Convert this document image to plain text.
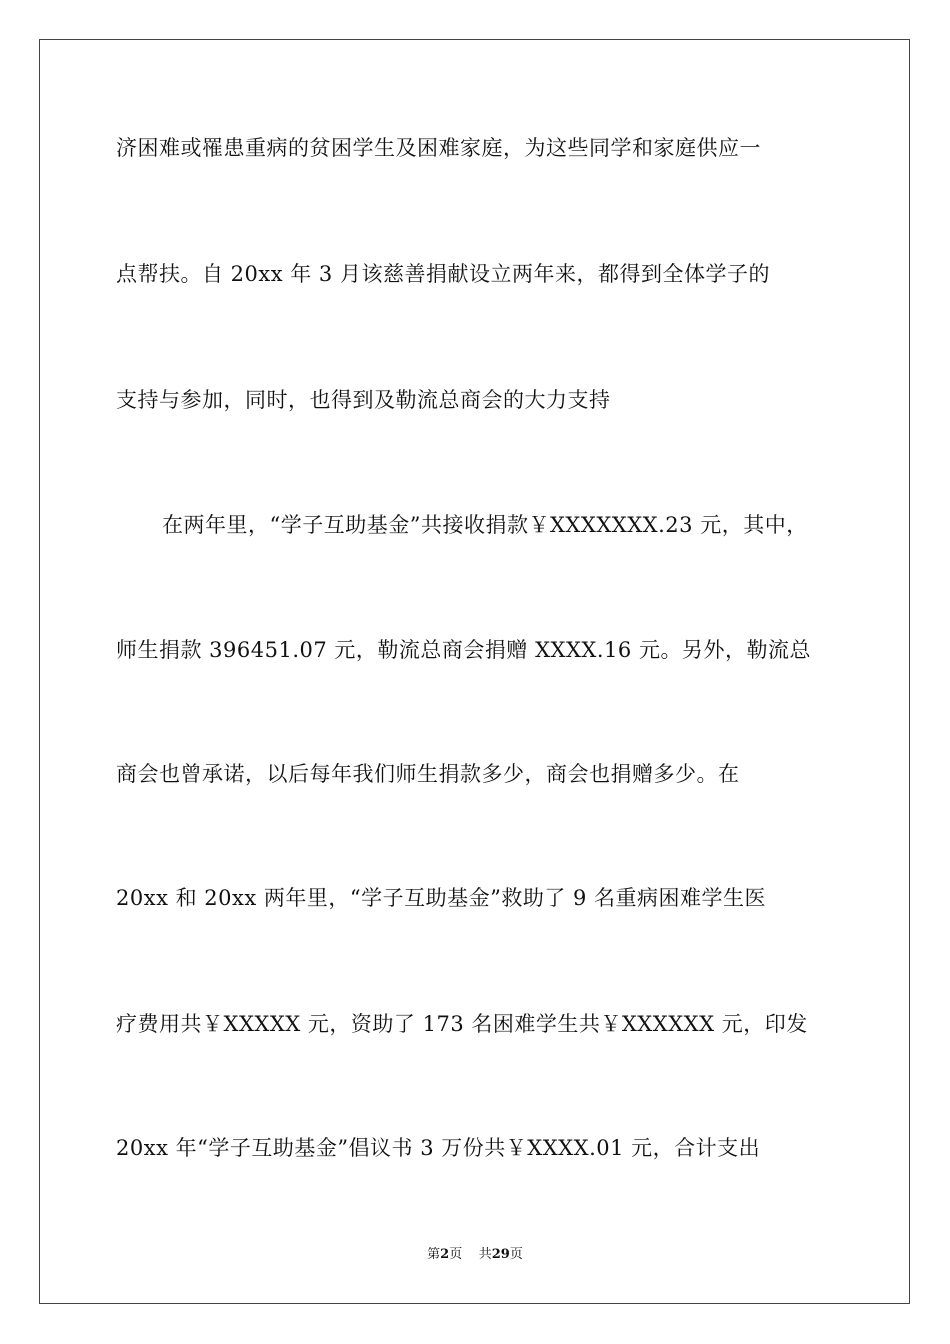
济困难或罹患重病的贫困学生及困难家庭，为这些同学和家庭供应一
点帮扶。自 20xx 年 3 月该慈善捐献设立两年来，都得到全体学子的
支持与参加，同时，也得到及勒流总商会的大力支持
在两年里，“学子互助基金”共接收捐款￥XXXXXXX.23 元，其中，
师生捐款 396451.07 元，勒流总商会捐赠 XXXX.16 元。另外，勒流总
商会也曾承诺，以后每年我们师生捐款多少，商会也捐赠多少。在
20xx 和 20xx 两年里，“学子互助基金”救助了 9 名重病困难学生医
疗费用共￥XXXXX 元，资助了 173 名困难学生共￥XXXXXX 元，印发
20xx 年“学子互助基金”倡议书 3 万份共￥XXXX.01 元，合计支出
第2页 共29页
